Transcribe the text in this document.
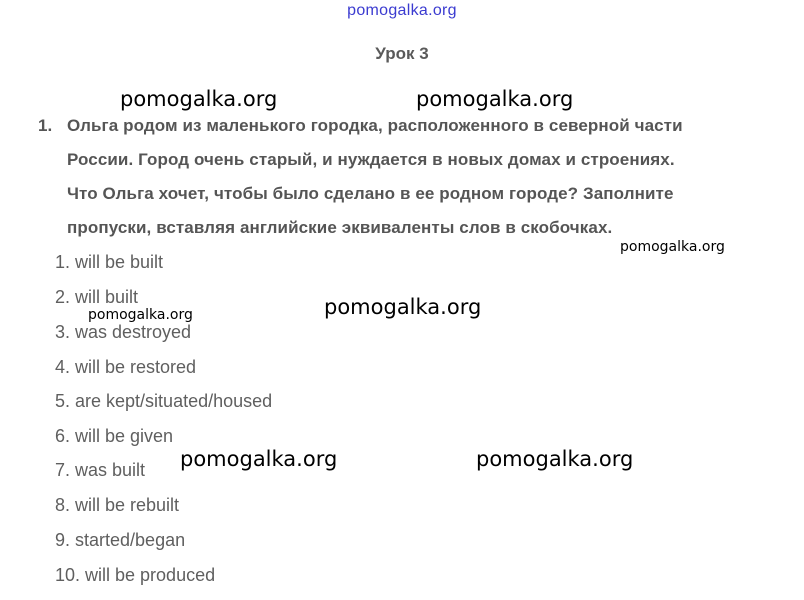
pomogalka.org
Урок 3
1. Ольга родом из маленького городка, расположенного в северной части
России. Город очень старый, и нуждается в новых домах и строениях.
Что Ольга хочет, чтобы было сделано в ее родном городе? Заполните
пропуски, вставляя английские эквиваленты слов в скобочках.
1. will be built
2. will built
3. was destroyed
4. will be restored
5. are kept/situated/housed
6. will be given
7. was built
8. will be rebuilt
9. started/began
10. will be produced
pomogalka.org	pomogalka.org
pomogalka.org
pomogalka.org
pomogalka.org
pomogalka.org	pomogalka.org
